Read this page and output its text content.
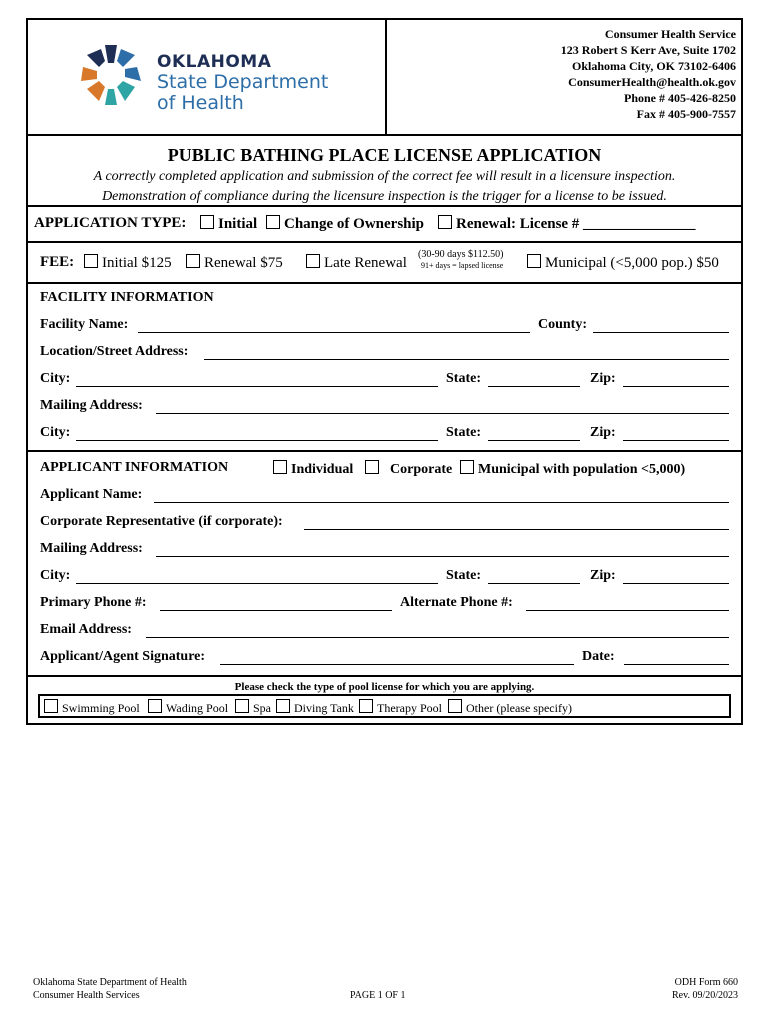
OKLAHOMA
State Department
of Health
Consumer Health Service
123 Robert S Kerr Ave, Suite 1702
Oklahoma City, OK 73102-6406
ConsumerHealth@health.ok.gov
Phone # 405-426-8250
Fax # 405-900-7557
PUBLIC BATHING PLACE LICENSE APPLICATION
A correctly completed application and submission of the correct fee will result in a licensure inspection.
Demonstration of compliance during the licensure inspection is the trigger for a license to be issued.
APPLICATION TYPE:	Initial	Change of Ownership	Renewal: License # _______________
FEE:	Initial $125	Renewal $75	Late Renewal
(30-90 days $112.50)
91+ days = lapsed license	Municipal (<5,000 pop.) $50
FACILITY INFORMATION
Facility Name:	County:
Location/Street Address:
City:	State:	Zip:
Mailing Address:
City:	State:	Zip:
APPLICANT INFORMATION	Individual	Corporate	Municipal with population <5,000)
Applicant Name:
Corporate Representative (if corporate):
Mailing Address:
City:	State:	Zip:
Primary Phone #:	Alternate Phone #:
Email Address:
Applicant/Agent Signature:	Date:
Please check the type of pool license for which you are applying.
Swimming Pool	Wading Pool	Spa	Diving Tank	Therapy Pool	Other (please specify)
Oklahoma State Department of Health
Consumer Health Services	PAGE 1 OF 1
ODH Form 660
Rev. 09/20/2023
